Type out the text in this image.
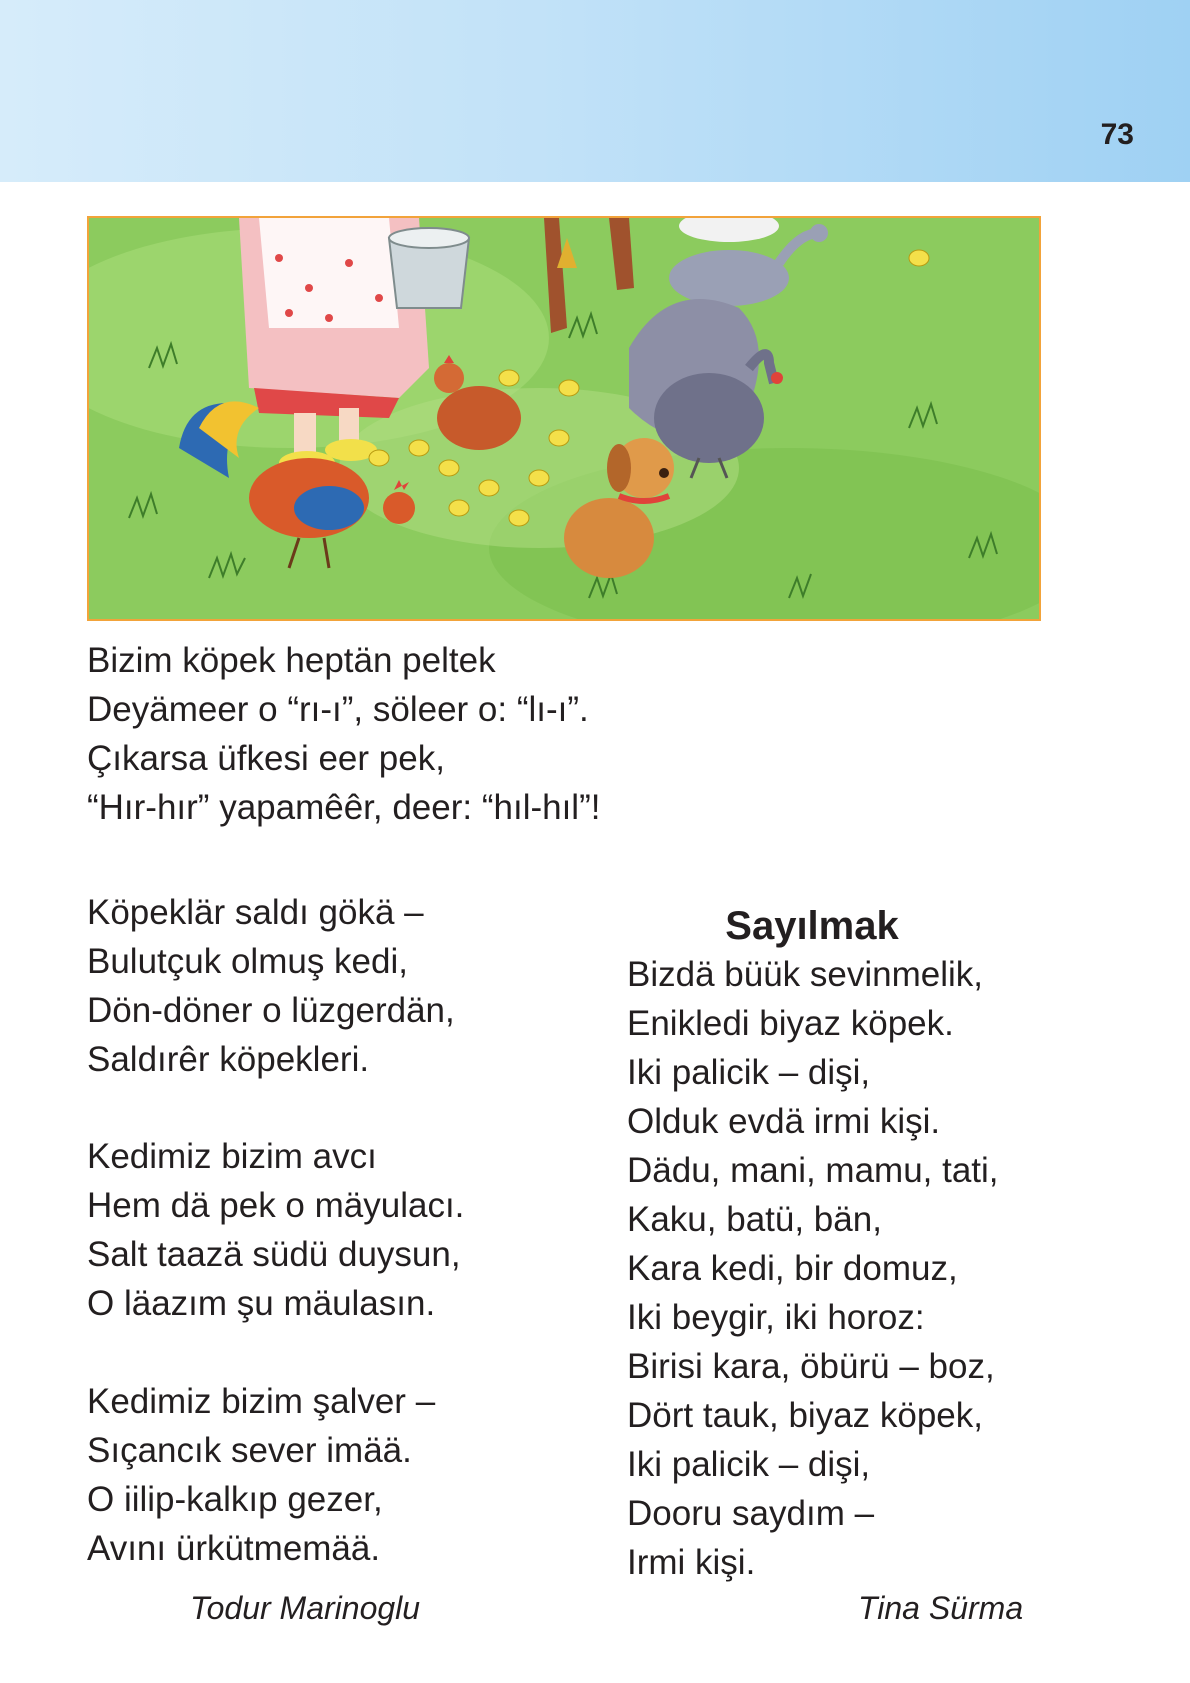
73
Bizim köpek heptän peltek
Deyämeer o “rı-ı”, söleer o: “lı-ı”.
Çıkarsa üfkesi eer pek,
“Hır-hır” yapamêêr, deer: “hıl-hıl”!
Köpeklär saldı gökä –
Bulutçuk olmuş kedi,
Dön-döner o lüzgerdän,
Saldırêr köpekleri.
Kedimiz bizim avcı
Hem dä pek o mäyulacı.
Salt taazä südü duysun,
O läazım şu mäulasın.
Kedimiz bizim şalver –
Sıçancık sever imää.
O iilip-kalkıp gezer,
Avını ürkütmemää.
Todur Marinoglu
Sayılmak
Bizdä büük sevinmelik,
Enikledi biyaz köpek.
Iki palicik – dişi,
Olduk evdä irmi kişi.
Dädu, mani, mamu, tati,
Kaku, batü, bän,
Kara kedi, bir domuz,
Iki beygir, iki horoz:
Birisi kara, öbürü – boz,
Dört tauk, biyaz köpek,
Iki palicik – dişi,
Dooru saydım –
Irmi kişi.
Tina Sürma
